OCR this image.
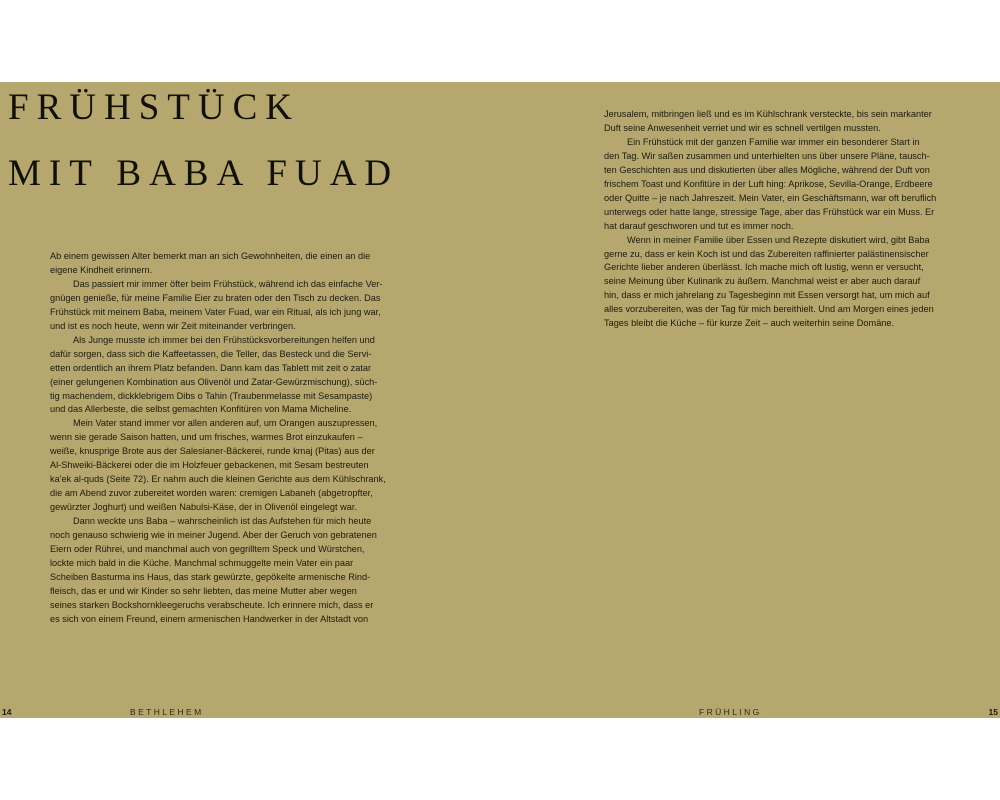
FRÜHSTÜCK
MIT BABA FUAD

Ab einem gewissen Alter bemerkt man an sich Gewohnheiten, die einen an die

eigene Kindheit erinnern.

Das passiert mir immer öfter beim Frühstück, während ich das einfache Ver-

gnügen genieße, für meine Familie Eier zu braten oder den Tisch zu decken. Das

Frühstück mit meinem Baba, meinem Vater Fuad, war ein Ritual, als ich jung war,

und ist es noch heute, wenn wir Zeit miteinander verbringen.

Als Junge musste ich immer bei den Frühstücksvorbereitungen helfen und

dafür sorgen, dass sich die Kaffeetassen, die Teller, das Besteck und die Servi-

etten ordentlich an ihrem Platz befanden. Dann kam das Tablett mit zeit o zatar

(einer gelungenen Kombination aus Olivenöl und Zatar-Gewürzmischung), süch-

tig machendem, dickklebrigem Dibs o Tahin (Traubenmelasse mit Sesampaste)

und das Allerbeste, die selbst gemachten Konfitüren von Mama Micheline.

Mein Vater stand immer vor allen anderen auf, um Orangen auszupressen,

wenn sie gerade Saison hatten, und um frisches, warmes Brot einzukaufen –

weiße, knusprige Brote aus der Salesianer-Bäckerei, runde kmaj (Pitas) aus der

Al-Shweiki-Bäckerei oder die im Holzfeuer gebackenen, mit Sesam bestreuten

ka'ek al-quds (Seite 72). Er nahm auch die kleinen Gerichte aus dem Kühlschrank,

die am Abend zuvor zubereitet worden waren: cremigen Labaneh (abgetropfter,

gewürzter Joghurt) und weißen Nabulsi-Käse, der in Olivenöl eingelegt war.

Dann weckte uns Baba – wahrscheinlich ist das Aufstehen für mich heute

noch genauso schwierig wie in meiner Jugend. Aber der Geruch von gebratenen

Eiern oder Rührei, und manchmal auch von gegrilltem Speck und Würstchen,

lockte mich bald in die Küche. Manchmal schmuggelte mein Vater ein paar

Scheiben Basturma ins Haus, das stark gewürzte, gepökelte armenische Rind-

fleisch, das er und wir Kinder so sehr liebten, das meine Mutter aber wegen

seines starken Bockshornkleegeruchs verabscheute. Ich erinnere mich, dass er

es sich von einem Freund, einem armenischen Handwerker in der Altstadt von

Jerusalem, mitbringen ließ und es im Kühlschrank versteckte, bis sein markanter

Duft seine Anwesenheit verriet und wir es schnell vertilgen mussten.

Ein Frühstück mit der ganzen Familie war immer ein besonderer Start in

den Tag. Wir saßen zusammen und unterhielten uns über unsere Pläne, tausch-

ten Geschichten aus und diskutierten über alles Mögliche, während der Duft von

frischem Toast und Konfitüre in der Luft hing: Aprikose, Sevilla-Orange, Erdbeere

oder Quitte – je nach Jahreszeit. Mein Vater, ein Geschäftsmann, war oft beruflich

unterwegs oder hatte lange, stressige Tage, aber das Frühstück war ein Muss. Er

hat darauf geschworen und tut es immer noch.

Wenn in meiner Familie über Essen und Rezepte diskutiert wird, gibt Baba

gerne zu, dass er kein Koch ist und das Zubereiten raffinierter palästinensischer

Gerichte lieber anderen überlässt. Ich mache mich oft lustig, wenn er versucht,

seine Meinung über Kulinarik zu äußern. Manchmal weist er aber auch darauf

hin, dass er mich jahrelang zu Tagesbeginn mit Essen versorgt hat, um mich auf

alles vorzubereiten, was der Tag für mich bereithielt. Und am Morgen eines jeden

Tages bleibt die Küche – für kurze Zeit – auch weiterhin seine Domäne.

14	BETHLEHEM	FRÜHLING	15
